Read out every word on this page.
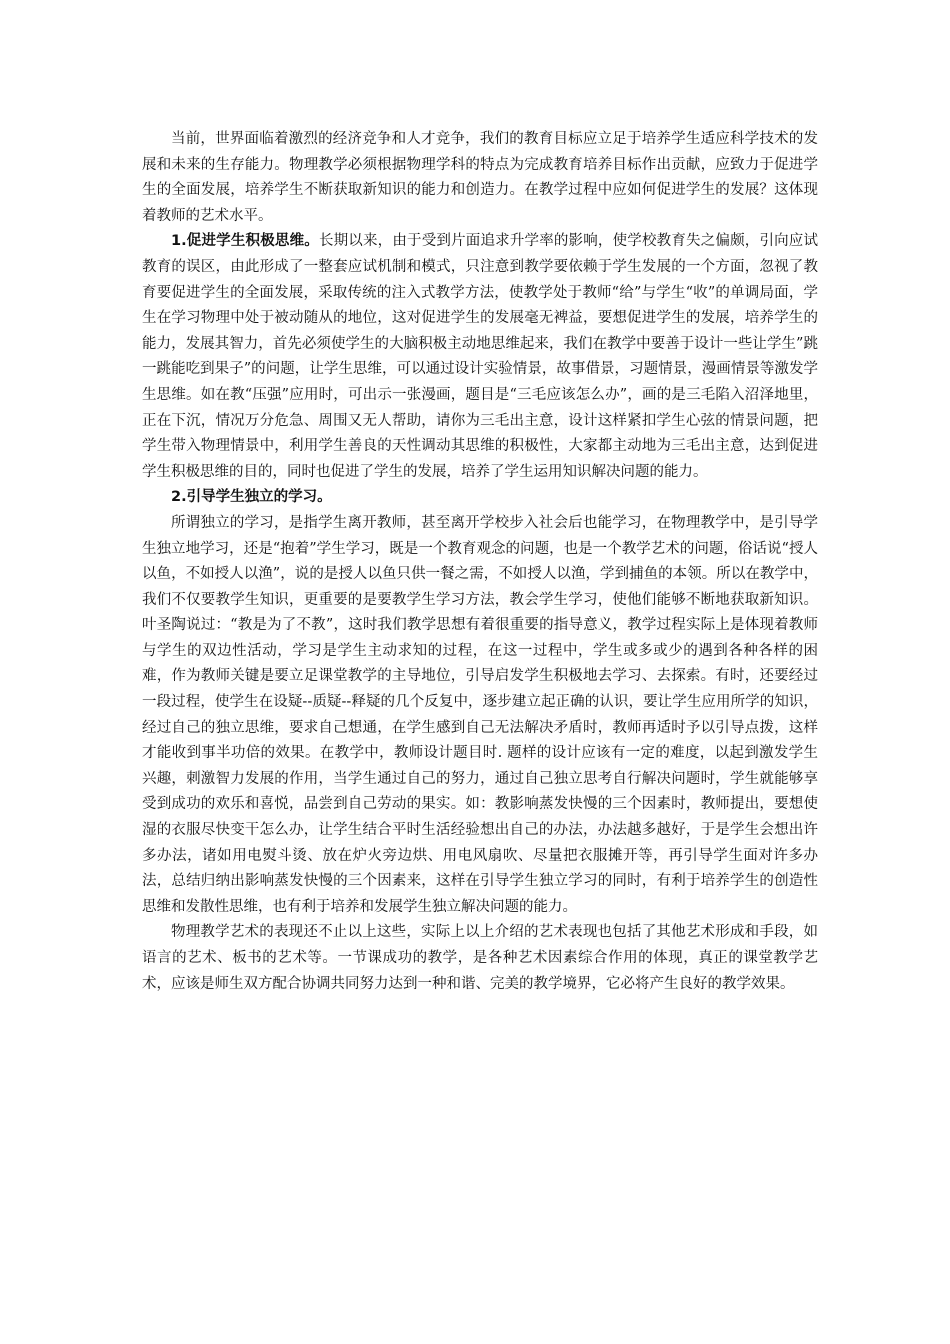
当前，世界面临着激烈的经济竞争和人才竞争，我们的教育目标应立足于培养学生适应科学技术的发展和未来的生存能力。物理教学必须根据物理学科的特点为完成教育培养目标作出贡献，应致力于促进学生的全面发展，培养学生不断获取新知识的能力和创造力。在教学过程中应如何促进学生的发展？这体现着教师的艺术水平。

1.促进学生积极思维。长期以来，由于受到片面追求升学率的影响，使学校教育失之偏颇，引向应试教育的误区，由此形成了一整套应试机制和模式，只注意到教学要依赖于学生发展的一个方面，忽视了教育要促进学生的全面发展，采取传统的注入式教学方法，使教学处于教师“给”与学生“收”的单调局面，学生在学习物理中处于被动随从的地位，这对促进学生的发展毫无裨益，要想促进学生的发展，培养学生的能力，发展其智力，首先必须使学生的大脑积极主动地思维起来，我们在教学中要善于设计一些让学生”跳一跳能吃到果子”的问题，让学生思维，可以通过设计实验情景，故事借景，习题情景，漫画情景等激发学生思维。如在教“压强”应用时，可出示一张漫画，题目是“三毛应该怎么办”，画的是三毛陷入沼泽地里，正在下沉，情况万分危急、周围又无人帮助，请你为三毛出主意，设计这样紧扣学生心弦的情景问题，把学生带入物理情景中，利用学生善良的天性调动其思维的积极性，大家都主动地为三毛出主意，达到促进学生积极思维的目的，同时也促进了学生的发展，培养了学生运用知识解决问题的能力。

2.引导学生独立的学习。

所谓独立的学习，是指学生离开教师，甚至离开学校步入社会后也能学习，在物理教学中，是引导学生独立地学习，还是“抱着”学生学习，既是一个教育观念的问题，也是一个教学艺术的问题，俗话说“授人以鱼，不如授人以渔”，说的是授人以鱼只供一餐之需，不如授人以渔，学到捕鱼的本领。所以在教学中，我们不仅要教学生知识，更重要的是要教学生学习方法，教会学生学习，使他们能够不断地获取新知识。叶圣陶说过：“教是为了不教”，这时我们教学思想有着很重要的指导意义，教学过程实际上是体现着教师与学生的双边性活动，学习是学生主动求知的过程，在这一过程中，学生或多或少的遇到各种各样的困难，作为教师关键是要立足课堂教学的主导地位，引导启发学生积极地去学习、去探索。有时，还要经过一段过程，使学生在设疑--质疑--释疑的几个反复中，逐步建立起正确的认识，要让学生应用所学的知识，经过自己的独立思维，要求自己想通，在学生感到自己无法解决矛盾时，教师再适时予以引导点拨，这样才能收到事半功倍的效果。在教学中，教师设计题目时. 题样的设计应该有一定的难度，以起到激发学生兴趣，刺激智力发展的作用，当学生通过自己的努力，通过自己独立思考自行解决问题时，学生就能够享受到成功的欢乐和喜悦，品尝到自己劳动的果实。如：教影响蒸发快慢的三个因素时，教师提出，要想使湿的衣服尽快变干怎么办，让学生结合平时生活经验想出自己的办法，办法越多越好，于是学生会想出许多办法，诸如用电熨斗烫、放在炉火旁边烘、用电风扇吹、尽量把衣服摊开等，再引导学生面对许多办法，总结归纳出影响蒸发快慢的三个因素来，这样在引导学生独立学习的同时，有利于培养学生的创造性思维和发散性思维，也有利于培养和发展学生独立解决问题的能力。

物理教学艺术的表现还不止以上这些，实际上以上介绍的艺术表现也包括了其他艺术形成和手段，如语言的艺术、板书的艺术等。一节课成功的教学，是各种艺术因素综合作用的体现，真正的课堂教学艺术，应该是师生双方配合协调共同努力达到一种和谐、完美的教学境界，它必将产生良好的教学效果。
